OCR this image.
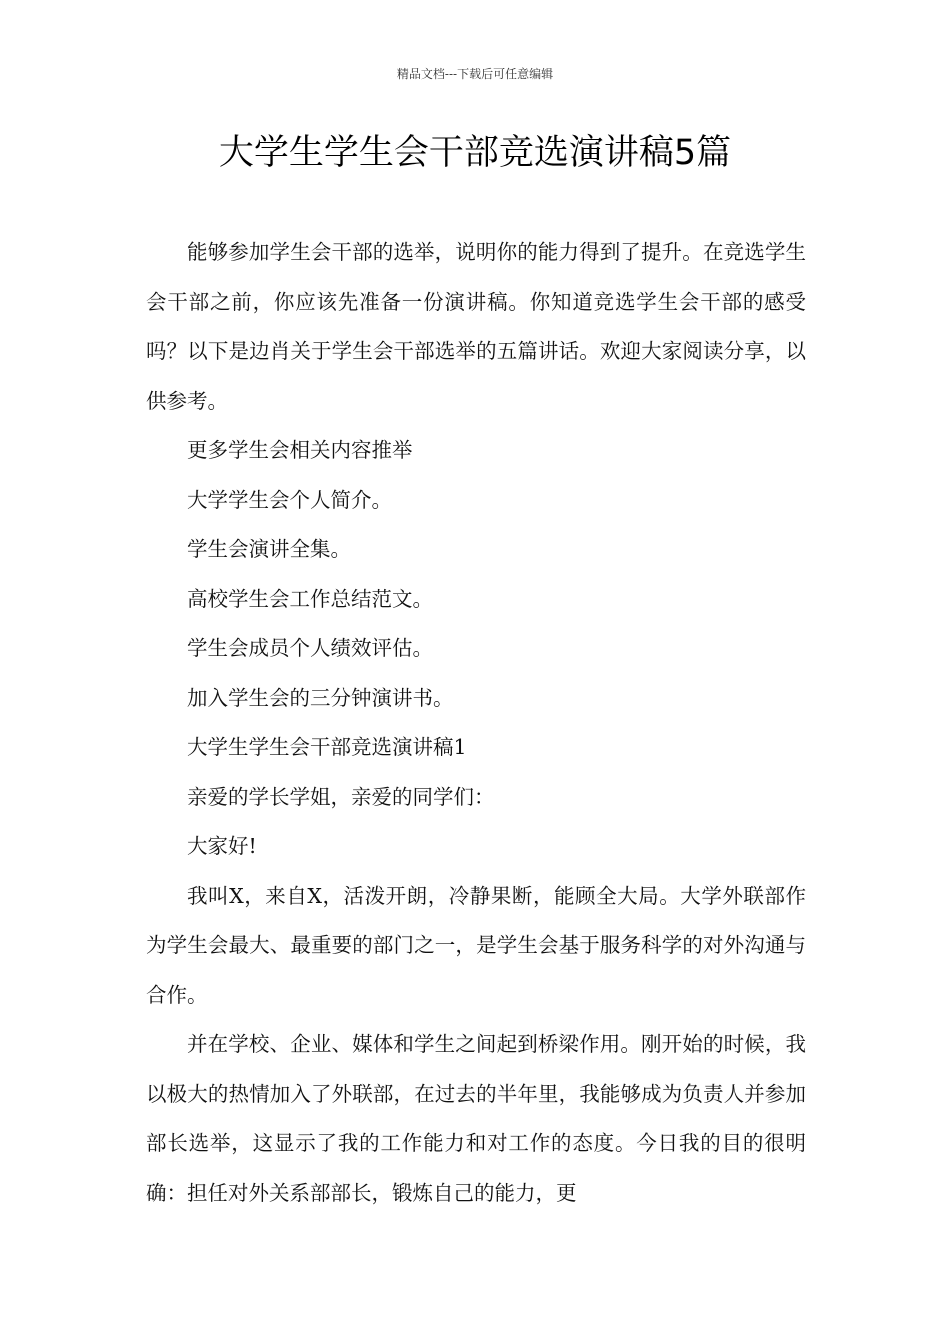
精品文档---下载后可任意编辑
大学生学生会干部竞选演讲稿5篇

能够参加学生会干部的选举，说明你的能力得到了提升。在竞选学生会干部之前，你应该先准备一份演讲稿。你知道竞选学生会干部的感受吗？以下是边肖关于学生会干部选举的五篇讲话。欢迎大家阅读分享，以供参考。

更多学生会相关内容推举

大学学生会个人简介。

学生会演讲全集。

高校学生会工作总结范文。

学生会成员个人绩效评估。

加入学生会的三分钟演讲书。

大学生学生会干部竞选演讲稿1

亲爱的学长学姐，亲爱的同学们：

大家好!

我叫X，来自X，活泼开朗，冷静果断，能顾全大局。大学外联部作为学生会最大、最重要的部门之一，是学生会基于服务科学的对外沟通与合作。

并在学校、企业、媒体和学生之间起到桥梁作用。刚开始的时候，我以极大的热情加入了外联部，在过去的半年里，我能够成为负责人并参加部长选举，这显示了我的工作能力和对工作的态度。今日我的目的很明确：担任对外关系部部长，锻炼自己的能力，更
